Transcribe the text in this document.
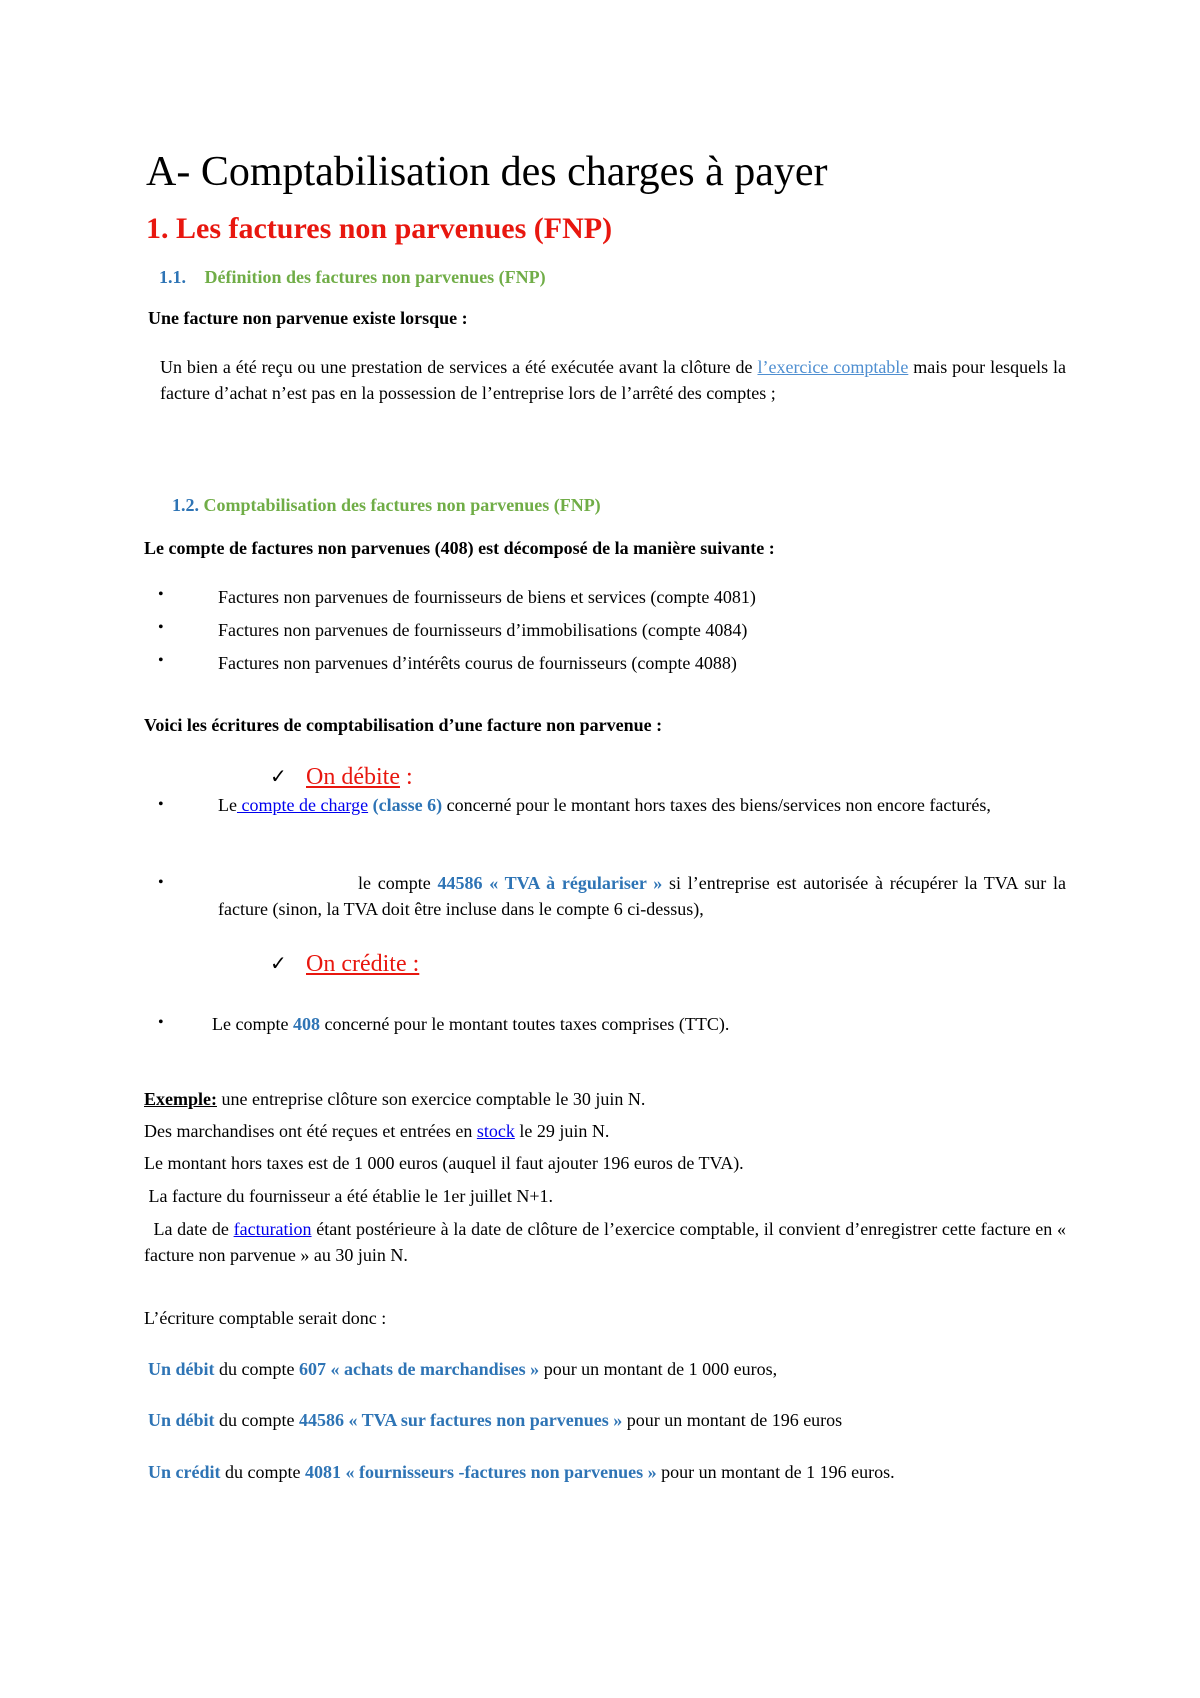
A- Comptabilisation des charges à payer
1. Les factures non parvenues (FNP)
1.1. Définition des factures non parvenues (FNP)
Une facture non parvenue existe lorsque :
Un bien a été reçu ou une prestation de services a été exécutée avant la clôture de l’exercice comptable mais pour lesquels la facture d’achat n’est pas en la possession de l’entreprise lors de l’arrêté des comptes ;
1.2. Comptabilisation des factures non parvenues (FNP)
Le compte de factures non parvenues (408) est décomposé de la manière suivante :
•	Factures non parvenues de fournisseurs de biens et services (compte 4081)
•	Factures non parvenues de fournisseurs d’immobilisations (compte 4084)
•	Factures non parvenues d’intérêts courus de fournisseurs (compte 4088)
Voici les écritures de comptabilisation d’une facture non parvenue :
✓ On débite :
•	Le compte de charge (classe 6) concerné pour le montant hors taxes des biens/services non encore facturés,
•	le compte 44586 « TVA à régulariser » si l’entreprise est autorisée à récupérer la TVA sur la facture (sinon, la TVA doit être incluse dans le compte 6 ci-dessus),
✓ On crédite :
•	Le compte 408 concerné pour le montant toutes taxes comprises (TTC).
Exemple: une entreprise clôture son exercice comptable le 30 juin N.
Des marchandises ont été reçues et entrées en stock le 29 juin N.
Le montant hors taxes est de 1 000 euros (auquel il faut ajouter 196 euros de TVA).
La facture du fournisseur a été établie le 1er juillet N+1.
La date de facturation étant postérieure à la date de clôture de l’exercice comptable, il convient d’enregistrer cette facture en « facture non parvenue » au 30 juin N.
L’écriture comptable serait donc :
Un débit du compte 607 « achats de marchandises » pour un montant de 1 000 euros,
Un débit du compte 44586 « TVA sur factures non parvenues » pour un montant de 196 euros
Un crédit du compte 4081 « fournisseurs -factures non parvenues » pour un montant de 1 196 euros.
